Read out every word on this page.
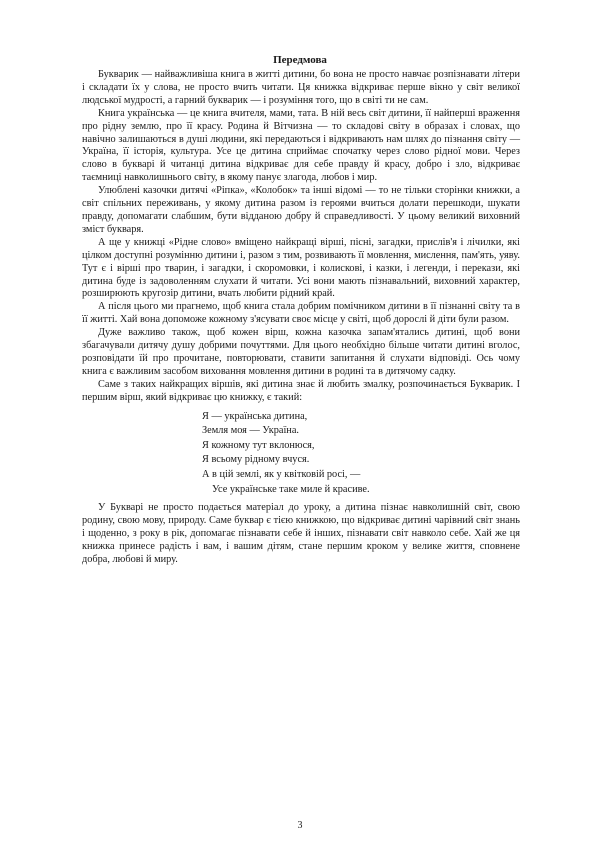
Передмова

Букварик — найважливіша книга в житті дитини, бо вона не просто навчає розпізнавати літери і складати їх у слова, не просто вчить читати. Ця книжка відкриває перше вікно у світ великої людської мудрості, а гарний букварик — і розуміння того, що в світі ти не сам.

Книга українська — це книга вчителя, мами, тата. В ній весь світ дитини, її найперші враження про рідну землю, про її красу. Родина й Вітчизна — то складові світу в образах і словах, що навічно залишаються в душі людини, які передаються і відкривають нам шлях до пізнання світу — Україна, її історія, культура. Усе це дитина сприймає спочатку через слово рідної мови. Через слово в букварі й читанці дитина відкриває для себе правду й красу, добро і зло, відкриває таємниці навколишнього світу, в якому панує злагода, любов і мир.

Улюблені казочки дитячі «Ріпка», «Колобок» та інші відомі — то не тільки сторінки книжки, а світ спільних переживань, у якому дитина разом із героями вчиться долати перешкоди, шукати правду, допомагати слабшим, бути відданою добру й справедливості. У цьому великий виховний зміст букваря.

А ще у книжці «Рідне слово» вміщено найкращі вірші, пісні, загадки, прислів'я і лічилки, які цілком доступні розумінню дитини і, разом з тим, розвивають її мовлення, мислення, пам'ять, уяву. Тут є і вірші про тварин, і загадки, і скоромовки, і колискові, і казки, і легенди, і перекази, які дитина буде із задоволенням слухати й читати. Усі вони мають пізнавальний, виховний характер, розширюють кругозір дитини, вчать любити рідний край.

А після цього ми прагнемо, щоб книга стала добрим помічником дитини в її пізнанні світу та в її житті. Хай вона допоможе кожному з'ясувати своє місце у світі, щоб дорослі й діти були разом.

Дуже важливо також, щоб кожен вірш, кожна казочка запам'ятались дитині, щоб вони збагачували дитячу душу добрими почуттями. Для цього необхідно більше читати дитині вголос, розповідати їй про прочитане, повторювати, ставити запитання й слухати відповіді. Ось чому книга є важливим засобом виховання мовлення дитини в родині та в дитячому садку.

Саме з таких найкращих віршів, які дитина знає й любить змалку, розпочинається Букварик. І першим вірш, який відкриває цю книжку, є такий:

Я — українська дитина,
Земля моя — Україна.
Я кожному тут вклонюся,
Я всьому рідному вчуся.
А в цій землі, як у квітковій росі, —
Усе українське таке миле й красиве.

У Букварі не просто подається матеріал до уроку, а дитина пізнає навколишній світ, свою родину, свою мову, природу. Саме буквар є тією книжкою, що відкриває дитині чарівний світ знань і щоденно, з року в рік, допомагає пізнавати себе й інших, пізнавати світ навколо себе. Хай же ця книжка принесе радість і вам, і вашим дітям, стане першим кроком у велике життя, сповнене добра, любові й миру.

3
